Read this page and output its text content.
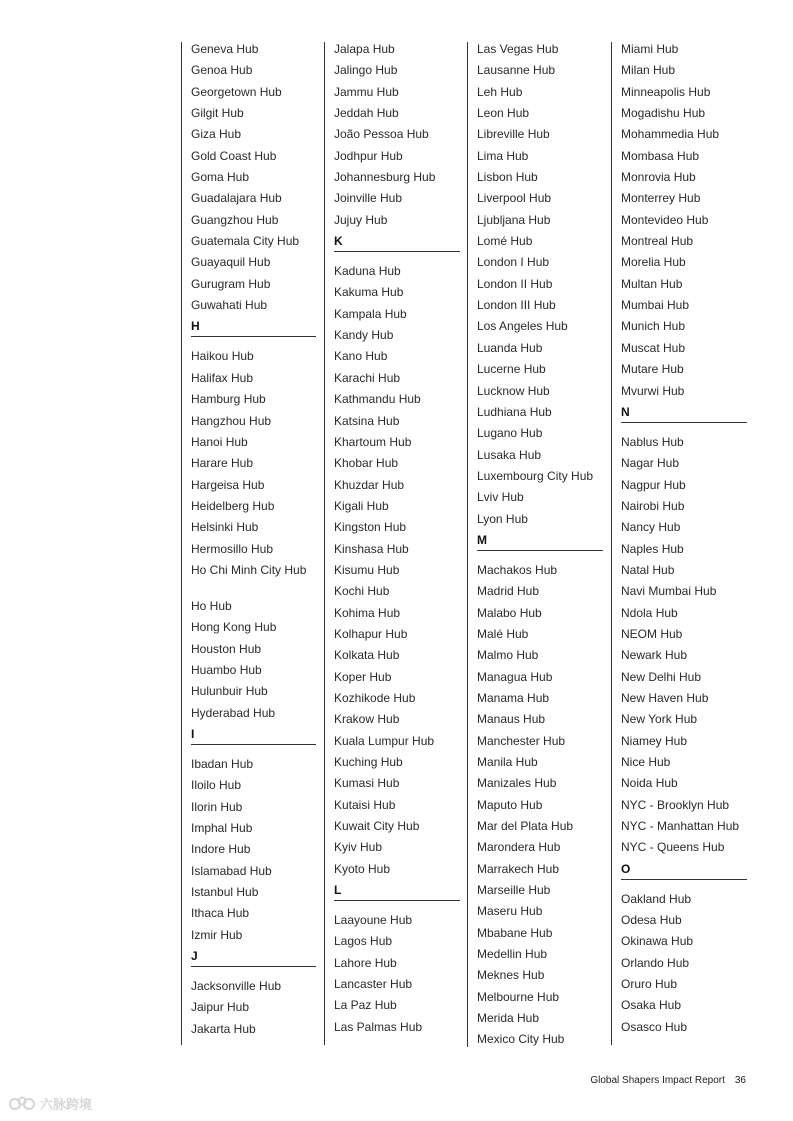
Geneva Hub
Genoa Hub
Georgetown Hub
Gilgit Hub
Giza Hub
Gold Coast Hub
Goma Hub
Guadalajara Hub
Guangzhou Hub
Guatemala City Hub
Guayaquil Hub
Gurugram Hub
Guwahati Hub
H
Haikou Hub
Halifax Hub
Hamburg Hub
Hangzhou Hub
Hanoi Hub
Harare Hub
Hargeisa Hub
Heidelberg Hub
Helsinki Hub
Hermosillo Hub
Ho Chi Minh City Hub
Ho Hub
Hong Kong Hub
Houston Hub
Huambo Hub
Hulunbuir Hub
Hyderabad Hub
I
Ibadan Hub
Iloilo Hub
Ilorin Hub
Imphal Hub
Indore Hub
Islamabad Hub
Istanbul Hub
Ithaca Hub
Izmir Hub
J
Jacksonville Hub
Jaipur Hub
Jakarta Hub
Jalapa Hub
Jalingo Hub
Jammu Hub
Jeddah Hub
João Pessoa Hub
Jodhpur Hub
Johannesburg Hub
Joinville Hub
Jujuy Hub
K
Kaduna Hub
Kakuma Hub
Kampala Hub
Kandy Hub
Kano Hub
Karachi Hub
Kathmandu Hub
Katsina Hub
Khartoum Hub
Khobar Hub
Khuzdar Hub
Kigali Hub
Kingston Hub
Kinshasa Hub
Kisumu Hub
Kochi Hub
Kohima Hub
Kolhapur Hub
Kolkata Hub
Koper Hub
Kozhikode Hub
Krakow Hub
Kuala Lumpur Hub
Kuching Hub
Kumasi Hub
Kutaisi Hub
Kuwait City Hub
Kyiv Hub
Kyoto Hub
L
Laayoune Hub
Lagos Hub
Lahore Hub
Lancaster Hub
La Paz Hub
Las Palmas Hub
Las Vegas Hub
Lausanne Hub
Leh Hub
Leon Hub
Libreville Hub
Lima Hub
Lisbon Hub
Liverpool Hub
Ljubljana Hub
Lomé Hub
London I Hub
London II Hub
London III Hub
Los Angeles Hub
Luanda Hub
Lucerne Hub
Lucknow Hub
Ludhiana Hub
Lugano Hub
Lusaka Hub
Luxembourg City Hub
Lviv Hub
Lyon Hub
M
Machakos Hub
Madrid Hub
Malabo Hub
Malé Hub
Malmo Hub
Managua Hub
Manama Hub
Manaus Hub
Manchester Hub
Manila Hub
Manizales Hub
Maputo Hub
Mar del Plata Hub
Marondera Hub
Marrakech Hub
Marseille Hub
Maseru Hub
Mbabane Hub
Medellin Hub
Meknes Hub
Melbourne Hub
Merida Hub
Mexico City Hub
Miami Hub
Milan Hub
Minneapolis Hub
Mogadishu Hub
Mohammedia Hub
Mombasa Hub
Monrovia Hub
Monterrey Hub
Montevideo Hub
Montreal Hub
Morelia Hub
Multan Hub
Mumbai Hub
Munich Hub
Muscat Hub
Mutare Hub
Mvurwi Hub
N
Nablus Hub
Nagar Hub
Nagpur Hub
Nairobi Hub
Nancy Hub
Naples Hub
Natal Hub
Navi Mumbai Hub
Ndola Hub
NEOM Hub
Newark Hub
New Delhi Hub
New Haven Hub
New York Hub
Niamey Hub
Nice Hub
Noida Hub
NYC - Brooklyn Hub
NYC - Manhattan Hub
NYC - Queens Hub
O
Oakland Hub
Odesa Hub
Okinawa Hub
Orlando Hub
Oruro Hub
Osaka Hub
Osasco Hub
Global Shapers Impact Report 36
六脉跨境
